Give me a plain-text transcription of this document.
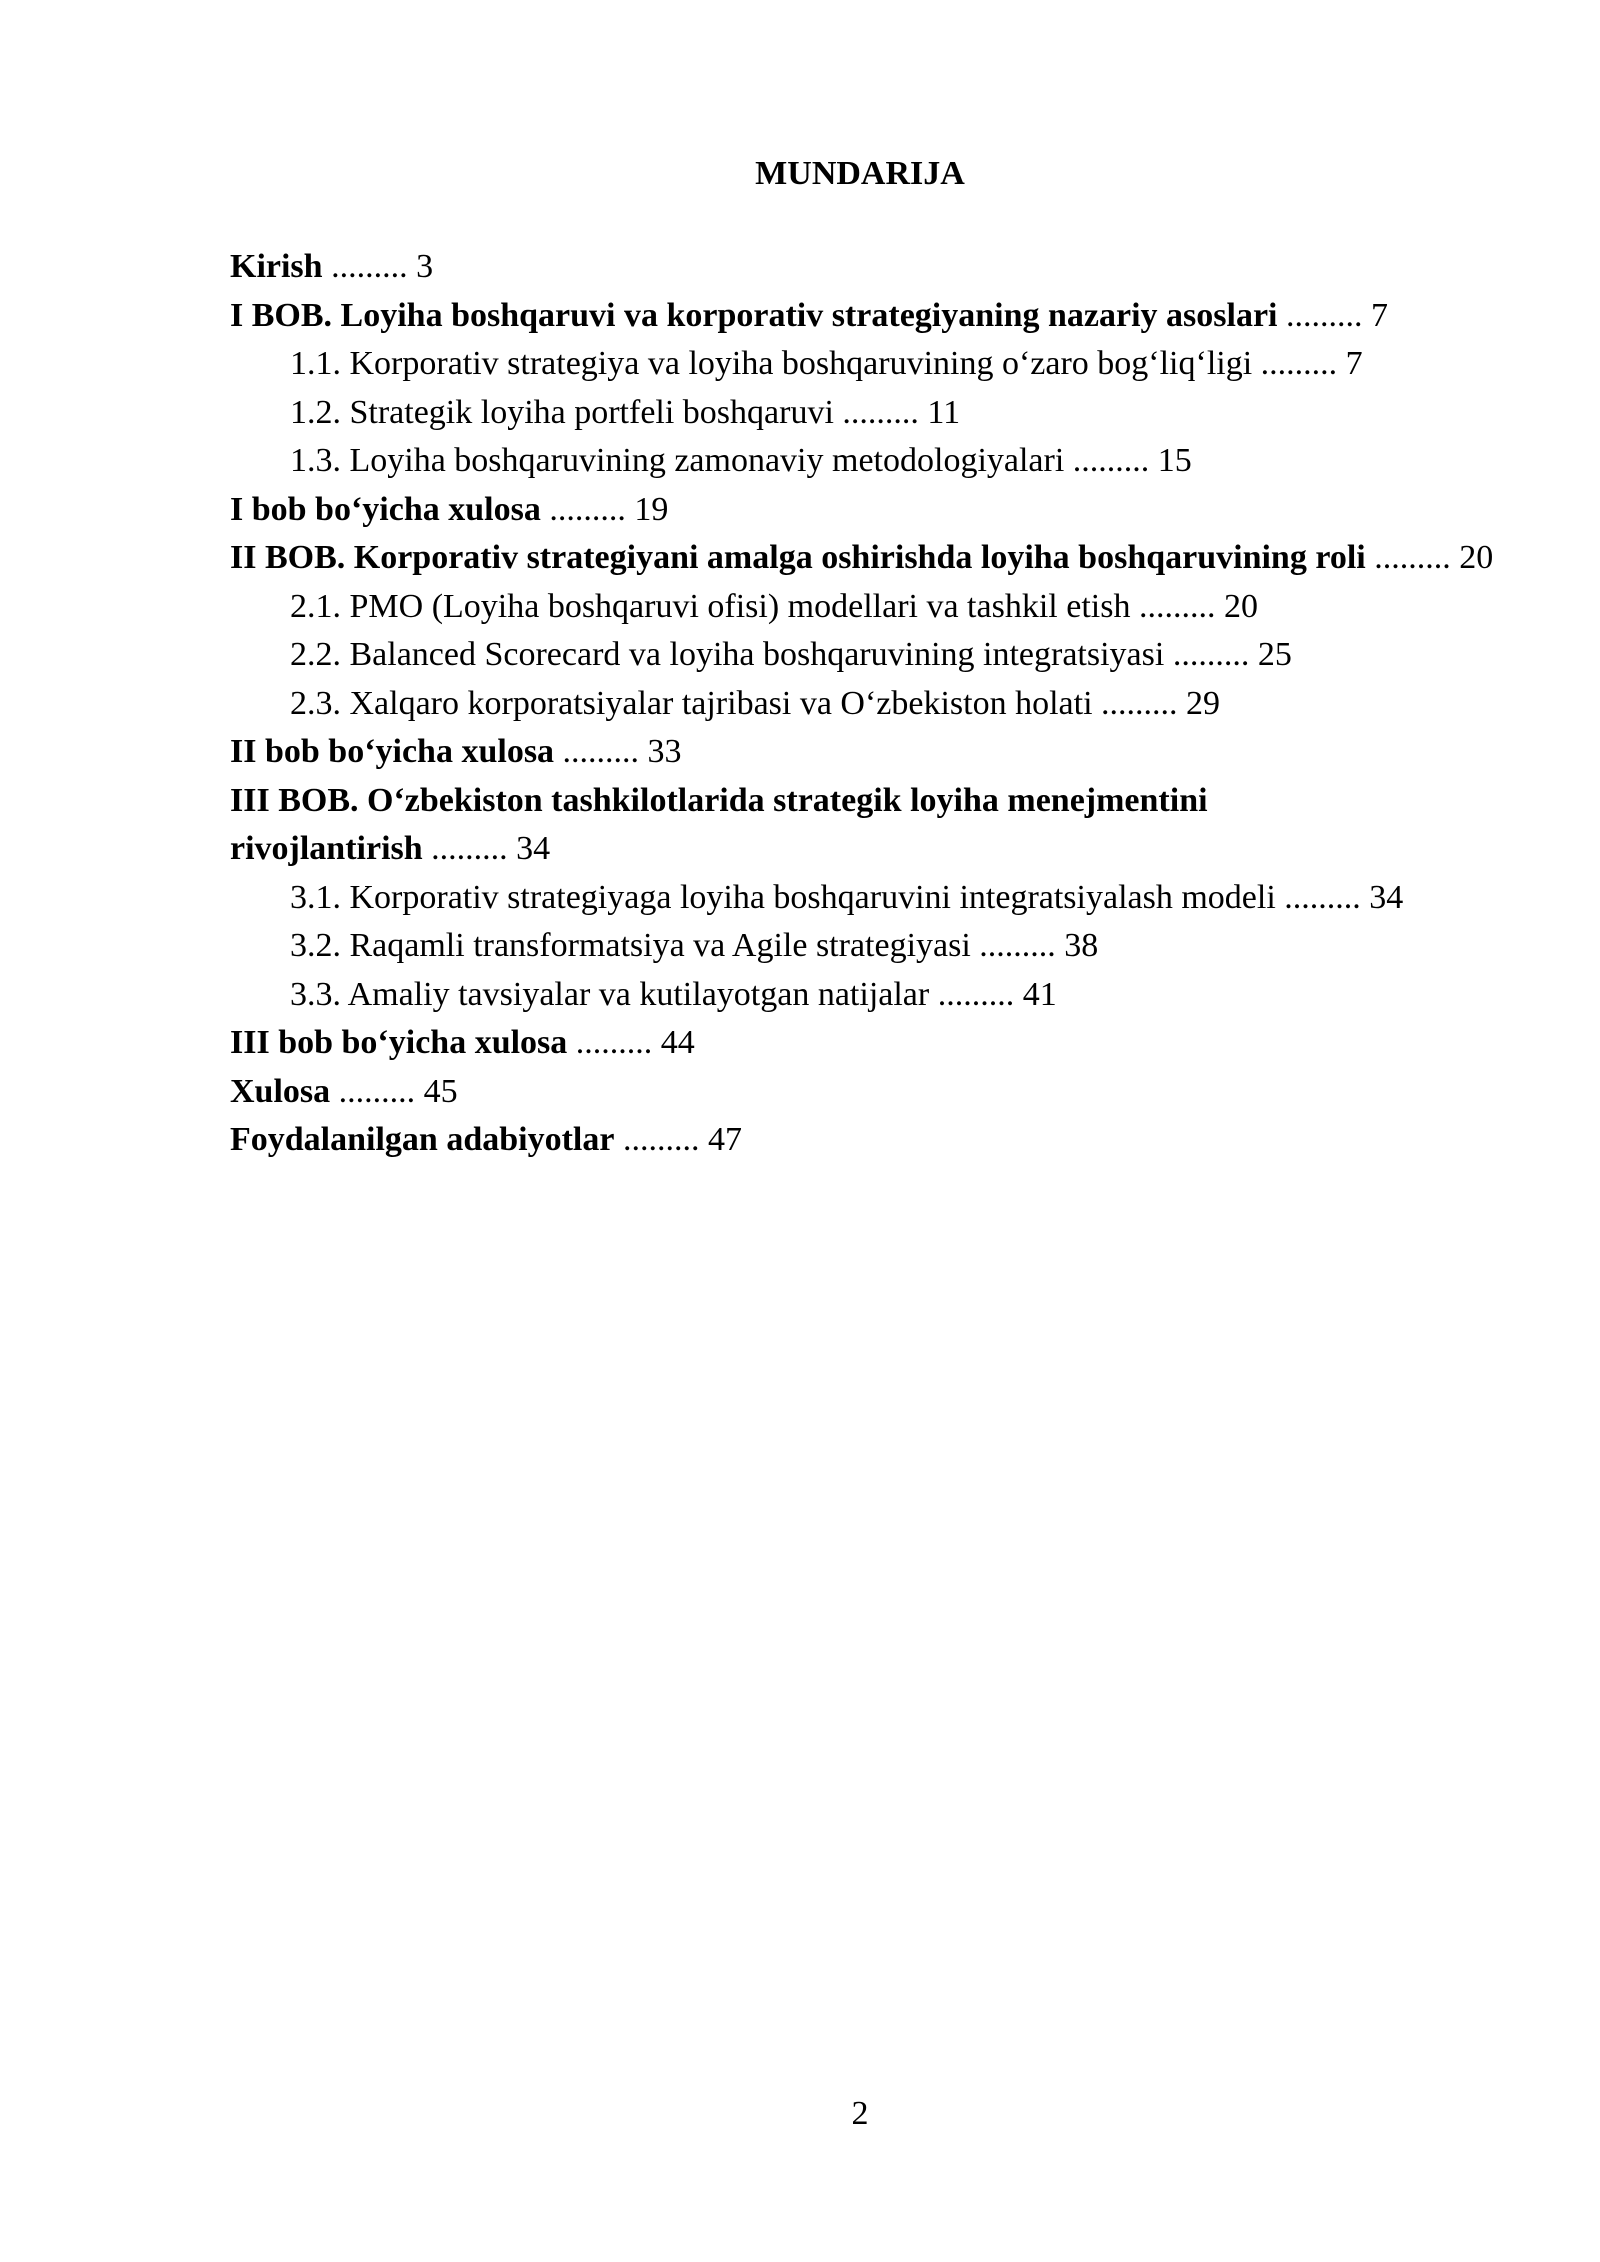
MUNDARIJA
Kirish ......... 3
I BOB. Loyiha boshqaruvi va korporativ strategiyaning nazariy asoslari ......... 7
1.1. Korporativ strategiya va loyiha boshqaruvining oʻzaro bogʻliqʻligi ......... 7
1.2. Strategik loyiha portfeli boshqaruvi ......... 11
1.3. Loyiha boshqaruvining zamonaviy metodologiyalari ......... 15
I bob boʻyicha xulosa ......... 19
II BOB. Korporativ strategiyani amalga oshirishda loyiha boshqaruvining roli ......... 20
2.1. PMO (Loyiha boshqaruvi ofisi) modellari va tashkil etish ......... 20
2.2. Balanced Scorecard va loyiha boshqaruvining integratsiyasi ......... 25
2.3. Xalqaro korporatsiyalar tajribasi va Oʻzbekiston holati ......... 29
II bob boʻyicha xulosa ......... 33
III BOB. Oʻzbekiston tashkilotlarida strategik loyiha menejmentini rivojlantirish ......... 34
3.1. Korporativ strategiyaga loyiha boshqaruvini integratsiyalash modeli ......... 34
3.2. Raqamli transformatsiya va Agile strategiyasi ......... 38
3.3. Amaliy tavsiyalar va kutilayotgan natijalar ......... 41
III bob boʻyicha xulosa ......... 44
Xulosa ......... 45
Foydalanilgan adabiyotlar ......... 47
2
